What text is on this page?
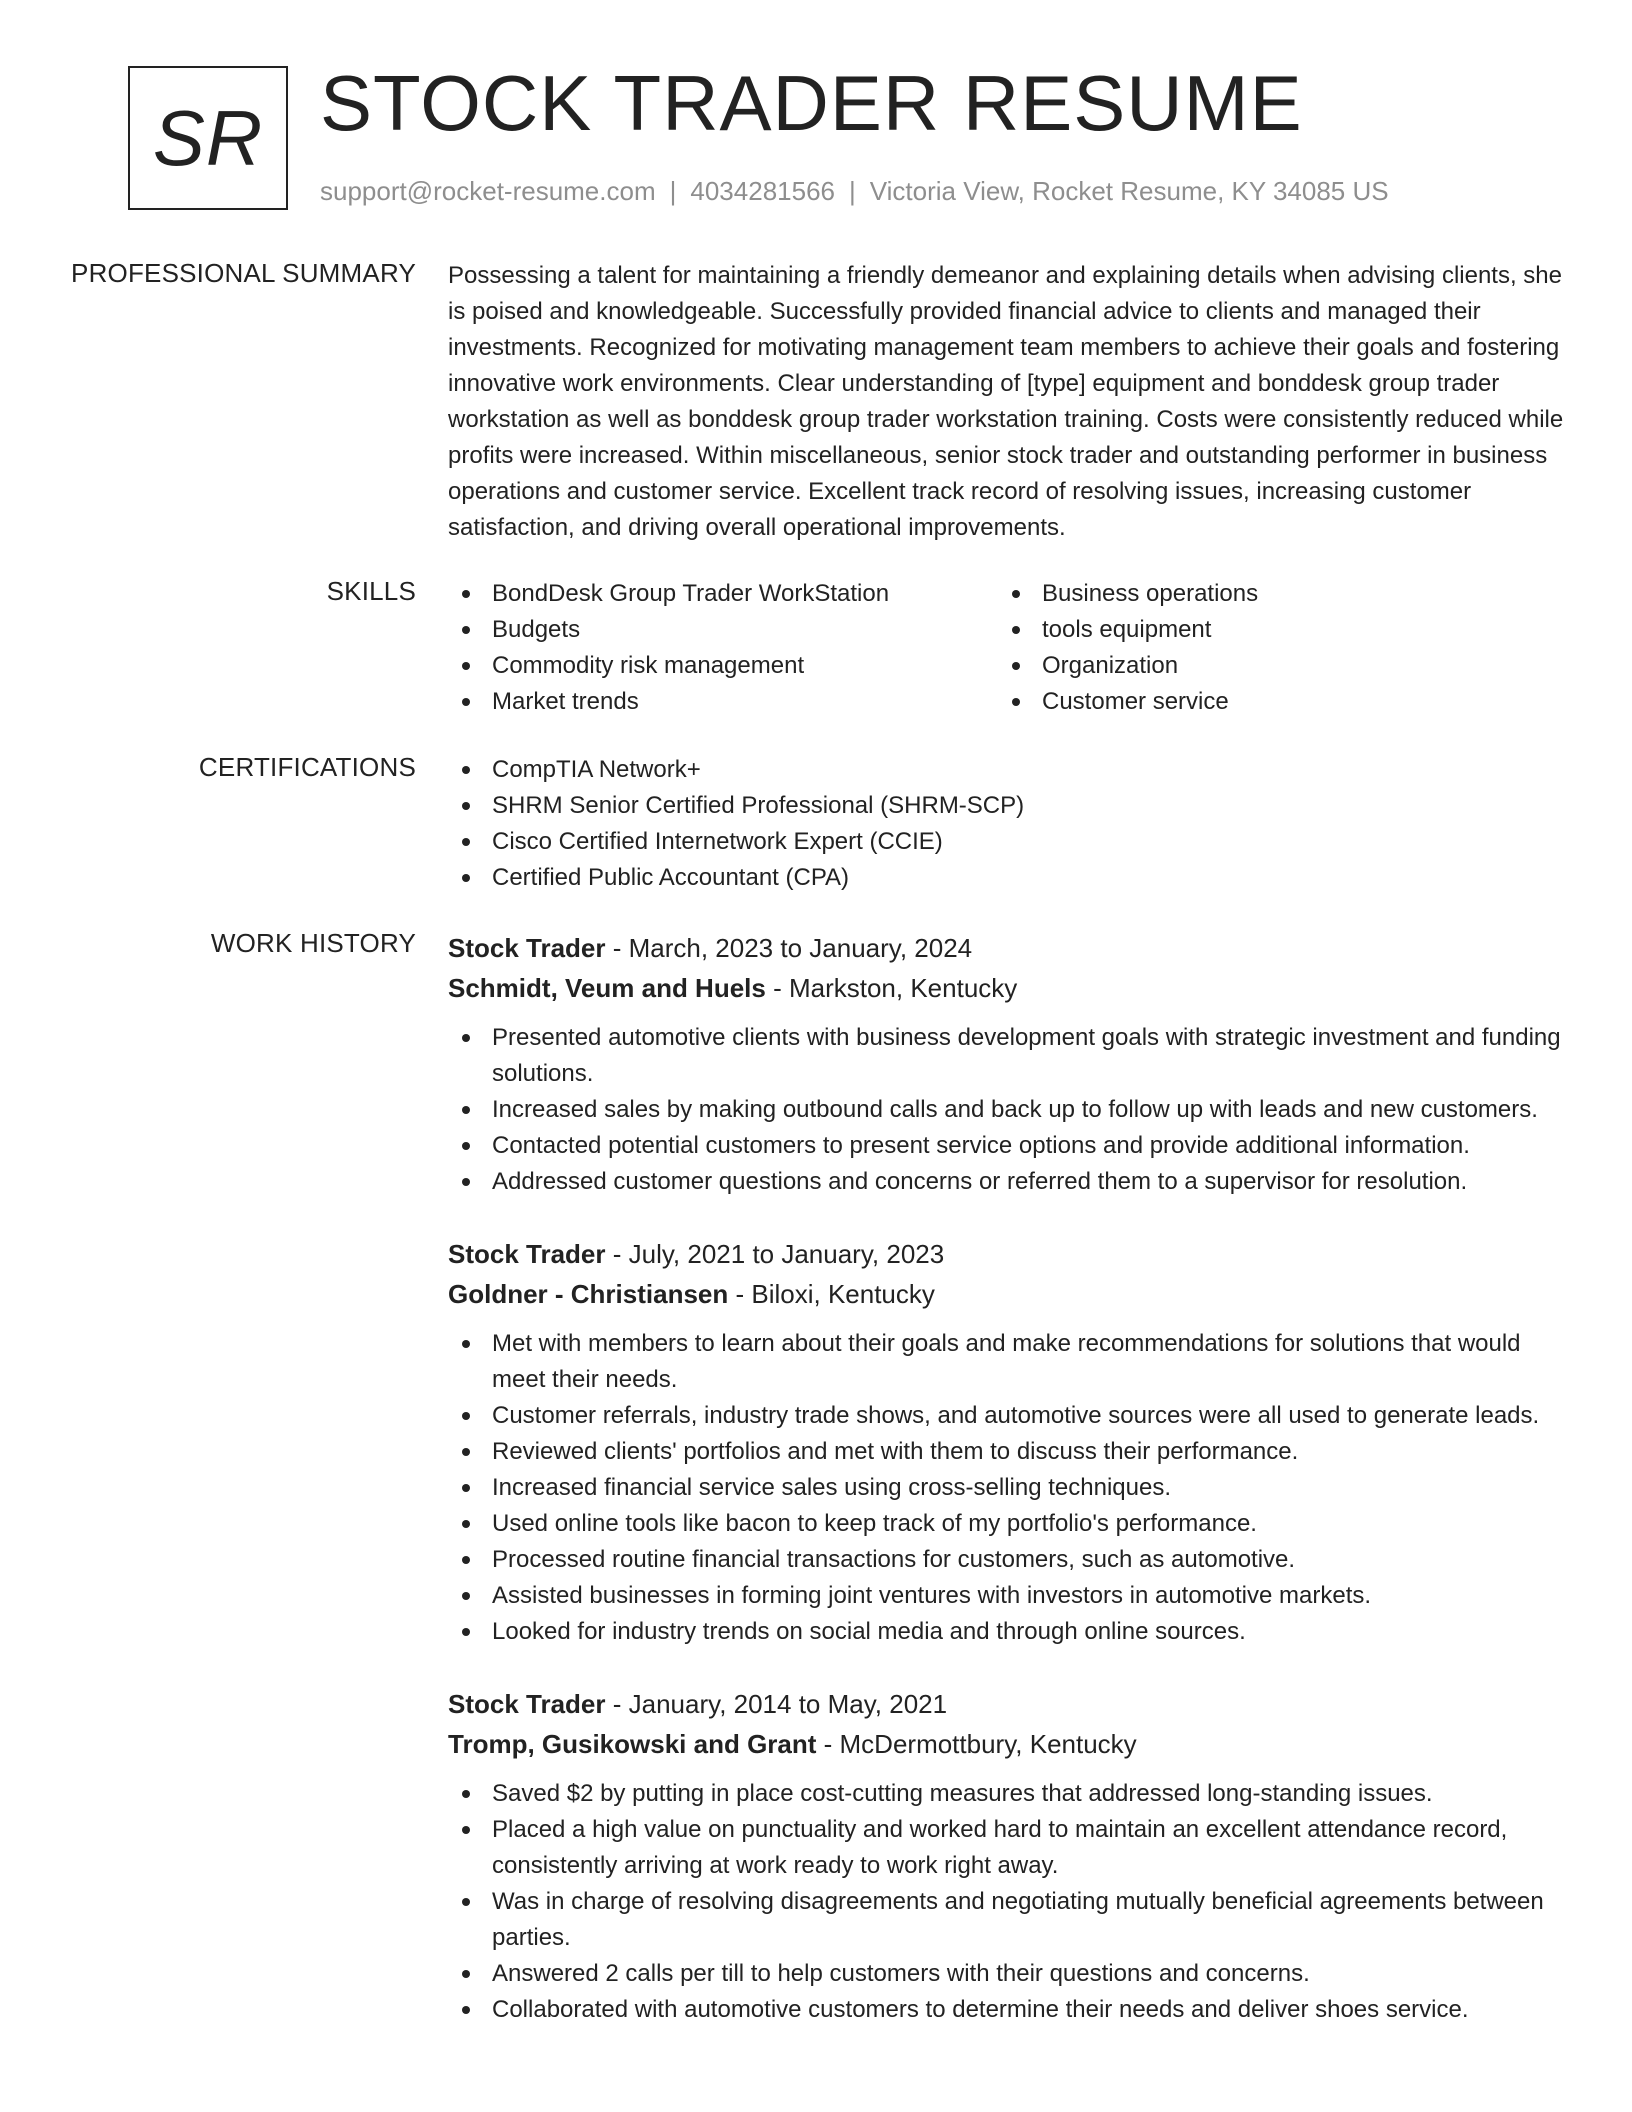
SR STOCK TRADER RESUME
support@rocket-resume.com | 4034281566 | Victoria View, Rocket Resume, KY 34085 US
PROFESSIONAL SUMMARY Possessing a talent for maintaining a friendly demeanor and explaining details when advising clients, she is poised and knowledgeable. Successfully provided financial advice to clients and managed their investments. Recognized for motivating management team members to achieve their goals and fostering innovative work environments. Clear understanding of [type] equipment and bonddesk group trader workstation as well as bonddesk group trader workstation training. Costs were consistently reduced while profits were increased. Within miscellaneous, senior stock trader and outstanding performer in business operations and customer service. Excellent track record of resolving issues, increasing customer satisfaction, and driving overall operational improvements.
SKILLS	BondDesk Group Trader WorkStation
Budgets
Commodity risk management
Market trends
Business operations
tools equipment
Organization
Customer service
CERTIFICATIONS	CompTIA Network+
SHRM Senior Certified Professional (SHRM-SCP)
Cisco Certified Internetwork Expert (CCIE)
Certified Public Accountant (CPA)
WORK HISTORY Stock Trader - March, 2023 to January, 2024
Schmidt, Veum and Huels - Markston, Kentucky
Presented automotive clients with business development goals with strategic investment and funding solutions.
Increased sales by making outbound calls and back up to follow up with leads and new customers.
Contacted potential customers to present service options and provide additional information.
Addressed customer questions and concerns or referred them to a supervisor for resolution.
Stock Trader - July, 2021 to January, 2023
Goldner - Christiansen - Biloxi, Kentucky
Met with members to learn about their goals and make recommendations for solutions that would meet their needs.
Customer referrals, industry trade shows, and automotive sources were all used to generate leads.
Reviewed clients' portfolios and met with them to discuss their performance.
Increased financial service sales using cross-selling techniques.
Used online tools like bacon to keep track of my portfolio's performance.
Processed routine financial transactions for customers, such as automotive.
Assisted businesses in forming joint ventures with investors in automotive markets.
Looked for industry trends on social media and through online sources.
Stock Trader - January, 2014 to May, 2021
Tromp, Gusikowski and Grant - McDermottbury, Kentucky
Saved $2 by putting in place cost-cutting measures that addressed long-standing issues.
Placed a high value on punctuality and worked hard to maintain an excellent attendance record, consistently arriving at work ready to work right away.
Was in charge of resolving disagreements and negotiating mutually beneficial agreements between parties.
Answered 2 calls per till to help customers with their questions and concerns.
Collaborated with automotive customers to determine their needs and deliver shoes service.
